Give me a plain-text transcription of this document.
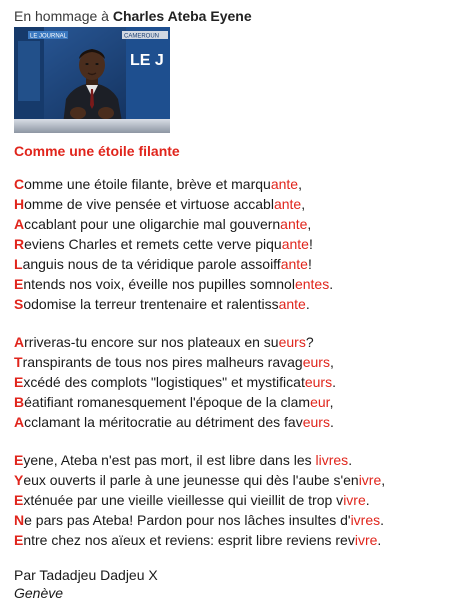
En hommage à Charles Ateba Eyene
LE JOURNAL	CAMEROUN
LE J
Comme une étoile filante
Comme une étoile filante, brève et marquante,
Homme de vive pensée et virtuose accablante,
Accablant pour une oligarchie mal gouvernante,
Reviens Charles et remets cette verve piquante!
Languis nous de ta véridique parole assoiffante!
Entends nos voix, éveille nos pupilles somnolentes.
Sodomise la terreur trentenaire et ralentissante.
Arriveras-tu encore sur nos plateaux en sueurs?
Transpirants de tous nos pires malheurs ravageurs,
Excédé des complots "logistiques" et mystificateurs.
Béatifiant romanesquement l'époque de la clameur,
Acclamant la méritocratie au détriment des faveurs.
Eyene, Ateba n'est pas mort, il est libre dans les livres.
Yeux ouverts il parle à une jeunesse qui dès l'aube s'enivre,
Exténuée par une vieille vieillesse qui vieillit de trop vivre.
Ne pars pas Ateba! Pardon pour nos lâches insultes d'ivres.
Entre chez nos aïeux et reviens: esprit libre reviens revivre.
Par Tadadjeu Dadjeu X
Genève
